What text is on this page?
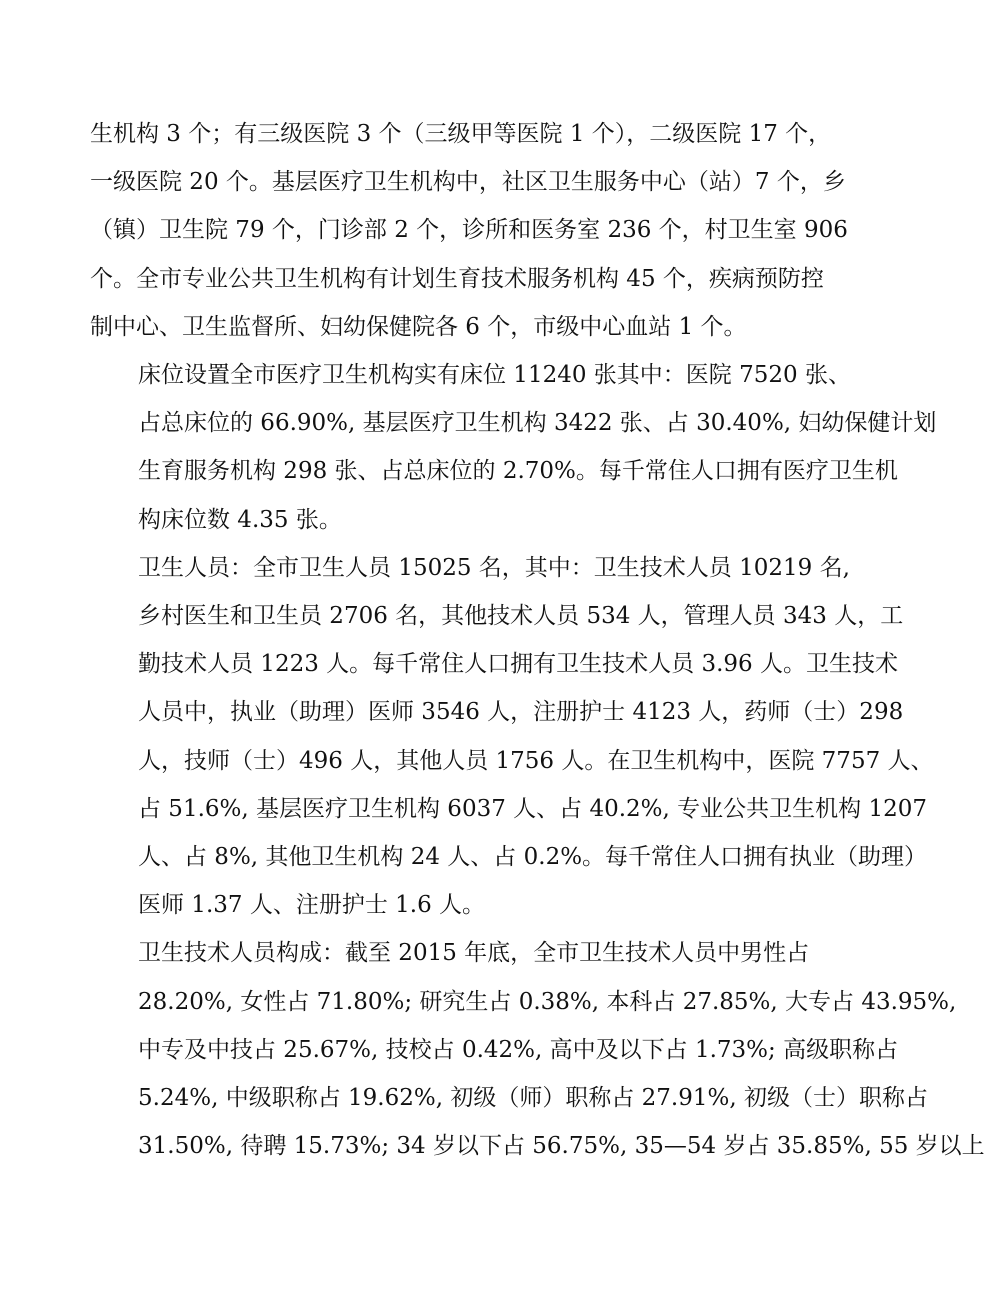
生机构 3 个；有三级医院 3 个（三级甲等医院 1 个），二级医院 17 个，
一级医院 20 个。基层医疗卫生机构中，社区卫生服务中心（站）7 个，乡
（镇）卫生院 79 个，门诊部 2 个，诊所和医务室 236 个，村卫生室 906
个。全市专业公共卫生机构有计划生育技术服务机构 45 个，疾病预防控
制中心、卫生监督所、妇幼保健院各 6 个，市级中心血站 1 个。

床位设置全市医疗卫生机构实有床位 11240 张其中：医院 7520 张、
占总床位的 66.90%, 基层医疗卫生机构 3422 张、占 30.40%, 妇幼保健计划
生育服务机构 298 张、占总床位的 2.70%。每千常住人口拥有医疗卫生机
构床位数 4.35 张。

卫生人员：全市卫生人员 15025 名，其中：卫生技术人员 10219 名,
乡村医生和卫生员 2706 名，其他技术人员 534 人，管理人员 343 人，工
勤技术人员 1223 人。每千常住人口拥有卫生技术人员 3.96 人。卫生技术
人员中，执业（助理）医师 3546 人，注册护士 4123 人，药师（士）298
人，技师（士）496 人，其他人员 1756 人。在卫生机构中，医院 7757 人、
占 51.6%, 基层医疗卫生机构 6037 人、占 40.2%, 专业公共卫生机构 1207
人、占 8%, 其他卫生机构 24 人、占 0.2%。每千常住人口拥有执业（助理）
医师 1.37 人、注册护士 1.6 人。

卫生技术人员构成：截至 2015 年底，全市卫生技术人员中男性占
28.20%, 女性占 71.80%; 研究生占 0.38%, 本科占 27.85%, 大专占 43.95%,
中专及中技占 25.67%, 技校占 0.42%, 高中及以下占 1.73%; 高级职称占
5.24%, 中级职称占 19.62%, 初级（师）职称占 27.91%, 初级（士）职称占
31.50%, 待聘 15.73%; 34 岁以下占 56.75%, 35—54 岁占 35.85%, 55 岁以上
